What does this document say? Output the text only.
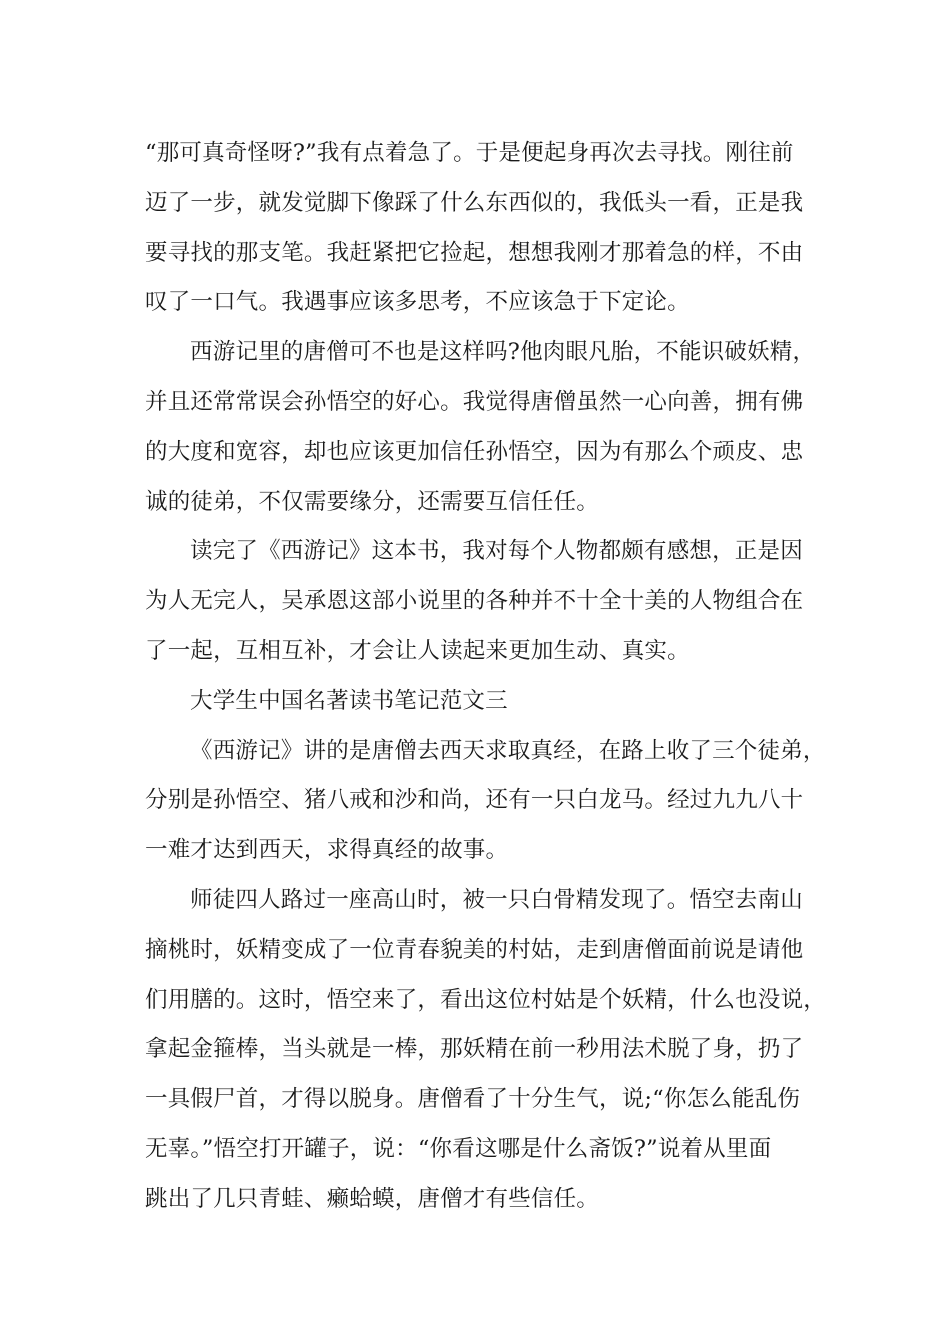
“那可真奇怪呀?”我有点着急了。于是便起身再次去寻找。刚往前
迈了一步，就发觉脚下像踩了什么东西似的，我低头一看，正是我
要寻找的那支笔。我赶紧把它捡起，想想我刚才那着急的样，不由
叹了一口气。我遇事应该多思考，不应该急于下定论。
西游记里的唐僧可不也是这样吗?他肉眼凡胎，不能识破妖精，
并且还常常误会孙悟空的好心。我觉得唐僧虽然一心向善，拥有佛
的大度和宽容，却也应该更加信任孙悟空，因为有那么个顽皮、忠
诚的徒弟，不仅需要缘分，还需要互信任任。
读完了《西游记》这本书，我对每个人物都颇有感想，正是因
为人无完人，吴承恩这部小说里的各种并不十全十美的人物组合在
了一起，互相互补，才会让人读起来更加生动、真实。
大学生中国名著读书笔记范文三
《西游记》讲的是唐僧去西天求取真经，在路上收了三个徒弟，
分别是孙悟空、猪八戒和沙和尚，还有一只白龙马。经过九九八十
一难才达到西天，求得真经的故事。
师徒四人路过一座高山时，被一只白骨精发现了。悟空去南山
摘桃时，妖精变成了一位青春貌美的村姑，走到唐僧面前说是请他
们用膳的。这时，悟空来了，看出这位村姑是个妖精，什么也没说，
拿起金箍棒，当头就是一棒，那妖精在前一秒用法术脱了身，扔了
一具假尸首，才得以脱身。唐僧看了十分生气，说;“你怎么能乱伤
无辜。”悟空打开罐子，说：“你看这哪是什么斋饭?”说着从里面
跳出了几只青蛙、癞蛤蟆，唐僧才有些信任。
